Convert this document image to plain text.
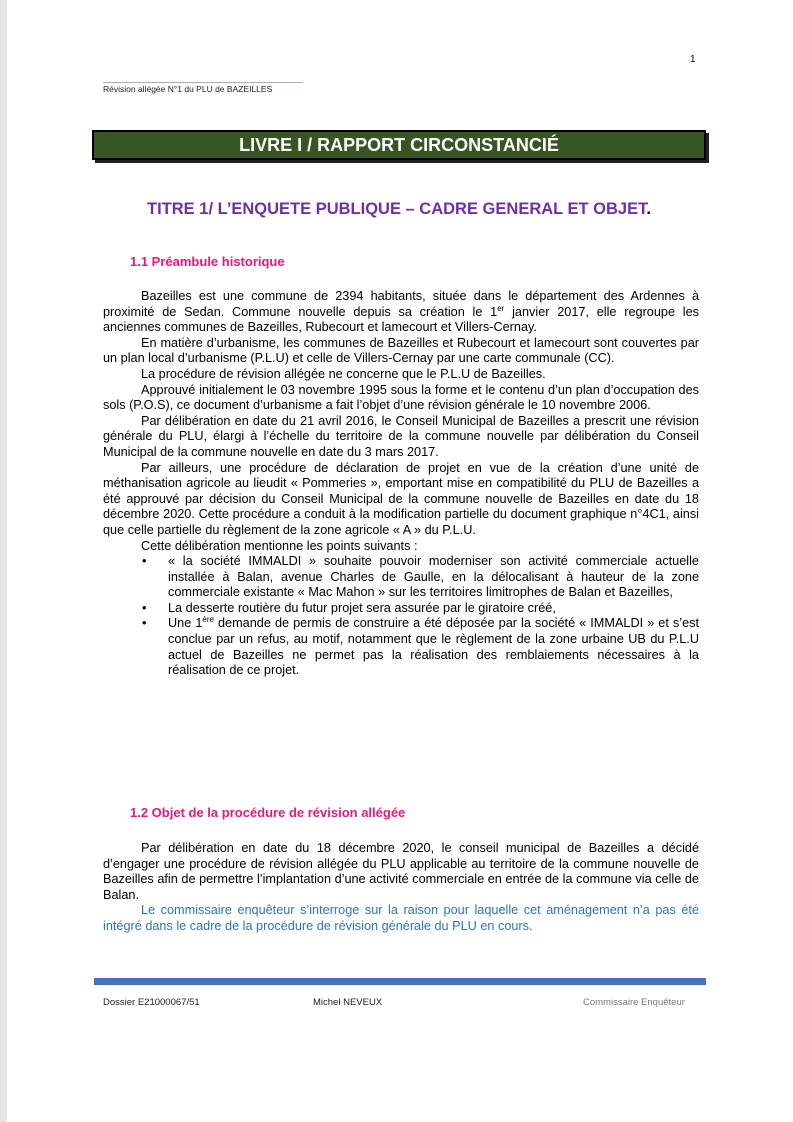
1
Révision allégée N°1 du PLU de BAZEILLES
LIVRE I / RAPPORT CIRCONSTANCIÉ
TITRE 1/ L’ENQUETE PUBLIQUE – CADRE GENERAL ET OBJET.
1.1 Préambule historique

Bazeilles est une commune de 2394 habitants, située dans le département des Ardennes à proximité de Sedan. Commune nouvelle depuis sa création le 1er janvier 2017, elle regroupe les anciennes communes de Bazeilles, Rubecourt et lamecourt et Villers-Cernay.

En matière d’urbanisme, les communes de Bazeilles et Rubecourt et lamecourt sont couvertes par un plan local d’urbanisme (P.L.U) et celle de Villers-Cernay par une carte communale (CC).

La procédure de révision allégée ne concerne que le P.L.U de Bazeilles.

Approuvé initialement le 03 novembre 1995 sous la forme et le contenu d’un plan d’occupation des sols (P.O.S), ce document d’urbanisme a fait l’objet d’une révision générale le 10 novembre 2006.

Par délibération en date du 21 avril 2016, le Conseil Municipal de Bazeilles a prescrit une révision générale du PLU, élargi à l’échelle du territoire de la commune nouvelle par délibération du Conseil Municipal de la commune nouvelle en date du 3 mars 2017.

Par ailleurs, une procédure de déclaration de projet en vue de la création d’une unité de méthanisation agricole au lieudit « Pommeries », emportant mise en compatibilité du PLU de Bazeilles a été approuvé par décision du Conseil Municipal de la commune nouvelle de Bazeilles en date du 18 décembre 2020. Cette procédure a conduit à la modification partielle du document graphique n°4C1, ainsi que celle partielle du règlement de la zone agricole « A » du P.L.U.

Cette délibération mentionne les points suivants :

• « la société IMMALDI » souhaite pouvoir moderniser son activité commerciale actuelle installée à Balan, avenue Charles de Gaulle, en la délocalisant à hauteur de la zone commerciale existante « Mac Mahon » sur les territoires limitrophes de Balan et Bazeilles,
• La desserte routière du futur projet sera assurée par le giratoire créé,
• Une 1ère demande de permis de construire a été déposée par la société « IMMALDI » et s’est conclue par un refus, au motif, notamment que le règlement de la zone urbaine UB du P.L.U actuel de Bazeilles ne permet pas la réalisation des remblaiements nécessaires à la réalisation de ce projet.
1.2 Objet de la procédure de révision allégée

Par délibération en date du 18 décembre 2020, le conseil municipal de Bazeilles a décidé d’engager une procédure de révision allégée du PLU applicable au territoire de la commune nouvelle de Bazeilles afin de permettre l’implantation d’une activité commerciale en entrée de la commune via celle de Balan.

Le commissaire enquêteur s’interroge sur la raison pour laquelle cet aménagement n’a pas été intégré dans le cadre de la procédure de révision générale du PLU en cours.

Dossier E21000067/51	Michel NEVEUX	Commissaire Enquêteur
